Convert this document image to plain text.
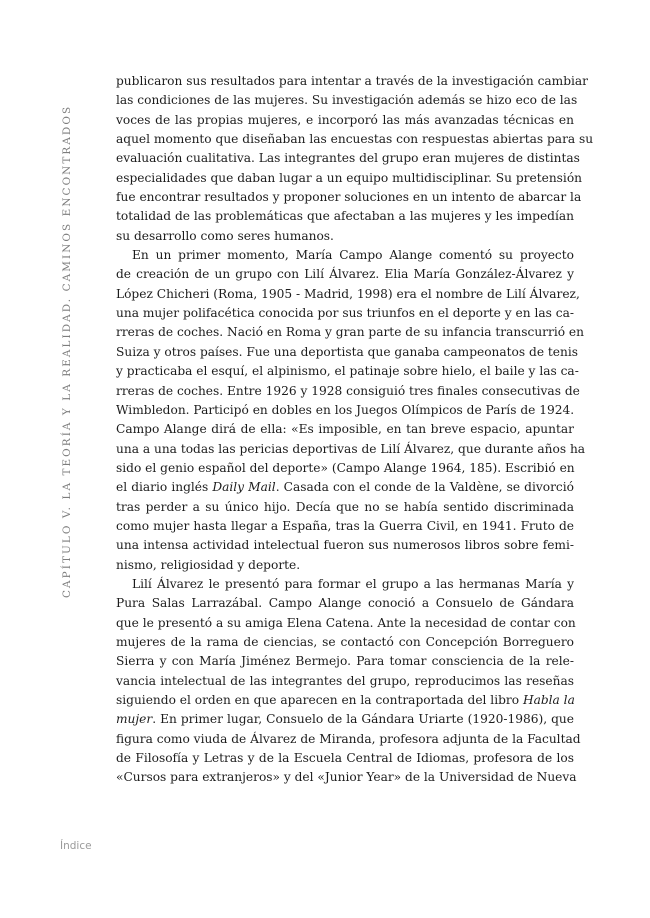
CAPÍTULO V. LA TEORÍA Y LA REALIDAD. CAMINOS ENCONTRADOS
publicaron sus resultados para intentar a través de la investigación cambiar
las condiciones de las mujeres. Su investigación además se hizo eco de las
voces de las propias mujeres, e incorporó las más avanzadas técnicas en
aquel momento que diseñaban las encuestas con respuestas abiertas para su
evaluación cualitativa. Las integrantes del grupo eran mujeres de distintas
especialidades que daban lugar a un equipo multidisciplinar. Su pretensión
fue encontrar resultados y proponer soluciones en un intento de abarcar la
totalidad de las problemáticas que afectaban a las mujeres y les impedían
su desarrollo como seres humanos.
En un primer momento, María Campo Alange comentó su proyecto
de creación de un grupo con Lilí Álvarez. Elia María González-Álvarez y
López Chicheri (Roma, 1905 - Madrid, 1998) era el nombre de Lilí Álvarez,
una mujer polifacética conocida por sus triunfos en el deporte y en las ca-
rreras de coches. Nació en Roma y gran parte de su infancia transcurrió en
Suiza y otros países. Fue una deportista que ganaba campeonatos de tenis
y practicaba el esquí, el alpinismo, el patinaje sobre hielo, el baile y las ca-
rreras de coches. Entre 1926 y 1928 consiguió tres finales consecutivas de
Wimbledon. Participó en dobles en los Juegos Olímpicos de París de 1924.
Campo Alange dirá de ella: «Es imposible, en tan breve espacio, apuntar
una a una todas las pericias deportivas de Lilí Álvarez, que durante años ha
sido el genio español del deporte» (Campo Alange 1964, 185). Escribió en
el diario inglés Daily Mail. Casada con el conde de la Valdène, se divorció
tras perder a su único hijo. Decía que no se había sentido discriminada
como mujer hasta llegar a España, tras la Guerra Civil, en 1941. Fruto de
una intensa actividad intelectual fueron sus numerosos libros sobre femi-
nismo, religiosidad y deporte.
Lilí Álvarez le presentó para formar el grupo a las hermanas María y
Pura Salas Larrazábal. Campo Alange conoció a Consuelo de Gándara
que le presentó a su amiga Elena Catena. Ante la necesidad de contar con
mujeres de la rama de ciencias, se contactó con Concepción Borreguero
Sierra y con María Jiménez Bermejo. Para tomar consciencia de la rele-
vancia intelectual de las integrantes del grupo, reproducimos las reseñas
siguiendo el orden en que aparecen en la contraportada del libro Habla la
mujer. En primer lugar, Consuelo de la Gándara Uriarte (1920-1986), que
figura como viuda de Álvarez de Miranda, profesora adjunta de la Facultad
de Filosofía y Letras y de la Escuela Central de Idiomas, profesora de los
«Cursos para extranjeros» y del «Junior Year» de la Universidad de Nueva
Índice
